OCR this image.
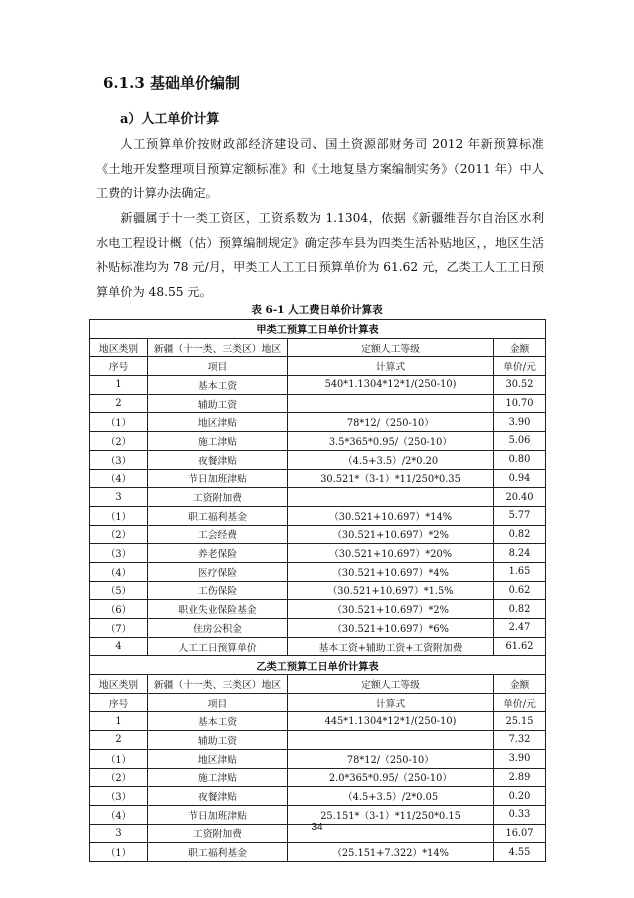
6.1.3 基础单价编制
a）人工单价计算

人工预算单价按财政部经济建设司、国土资源部财务司 2012 年新预算标准《土地开发整理项目预算定额标准》和《土地复垦方案编制实务》（2011 年）中人工费的计算办法确定。

新疆属于十一类工资区，工资系数为 1.1304，依据《新疆维吾尔自治区水利水电工程设计概（估）预算编制规定》确定莎车县为四类生活补贴地区，，地区生活补贴标准均为 78 元/月，甲类工人工工日预算单价为 61.62 元，乙类工人工工日预算单价为 48.55 元。

表 6-1 人工费日单价计算表
甲类工预算工日单价计算表			
地区类别	新疆（十一类、三类区）地区	定额人工等级	金额
序号	项目	计算式	单价/元
1	基本工资	540*1.1304*12*1/(250-10)	30.52
2	辅助工资		10.70
（1）	地区津贴	78*12/（250-10）	3.90
（2）	施工津贴	3.5*365*0.95/（250-10）	5.06
（3）	夜餐津贴	（4.5+3.5）/2*0.20	0.80
（4）	节日加班津贴	30.521*（3-1）*11/250*0.35	0.94
3	工资附加费		20.40
（1）	职工福利基金	（30.521+10.697）*14%	5.77
（2）	工会经费	（30.521+10.697）*2%	0.82
（3）	养老保险	（30.521+10.697）*20%	8.24
（4）	医疗保险	（30.521+10.697）*4%	1.65
（5）	工伤保险	（30.521+10.697）*1.5%	0.62
（6）	职业失业保险基金	（30.521+10.697）*2%	0.82
（7）	住房公积金	（30.521+10.697）*6%	2.47
4	人工工日预算单价	基本工资+辅助工资+工资附加费	61.62
乙类工预算工日单价计算表			
地区类别	新疆（十一类、三类区）地区	定额人工等级	金额
序号	项目	计算式	单价/元
1	基本工资	445*1.1304*12*1/(250-10)	25.15
2	辅助工资		7.32
（1）	地区津贴	78*12/（250-10）	3.90
（2）	施工津贴	2.0*365*0.95/（250-10）	2.89
（3）	夜餐津贴	（4.5+3.5）/2*0.05	0.20
（4）	节日加班津贴	25.151*（3-1）*11/250*0.15	0.33
3	工资附加费		16.07
（1）	职工福利基金	（25.151+7.322）*14%	4.55
34
